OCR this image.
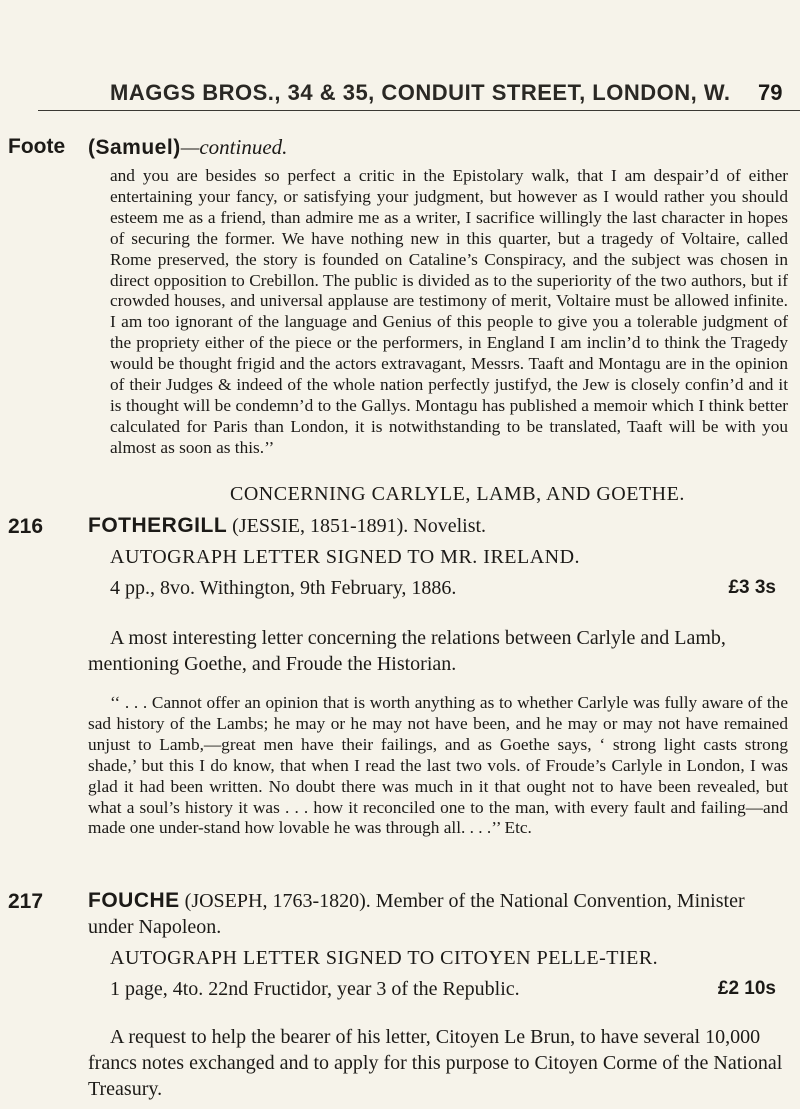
MAGGS BROS., 34 & 35, CONDUIT STREET, LONDON, W. 79
Foote (Samuel)—continued.
and you are besides so perfect a critic in the Epistolary walk, that I am despair’d of either entertaining your fancy, or satisfying your judgment, but however as I would rather you should esteem me as a friend, than admire me as a writer, I sacrifice willingly the last character in hopes of securing the former. We have nothing new in this quarter, but a tragedy of Voltaire, called Rome preserved, the story is founded on Cataline’s Conspiracy, and the subject was chosen in direct opposition to Crebillon. The public is divided as to the superiority of the two authors, but if crowded houses, and universal applause are testimony of merit, Voltaire must be allowed infinite. I am too ignorant of the language and Genius of this people to give you a tolerable judgment of the propriety either of the piece or the performers, in England I am inclin’d to think the Tragedy would be thought frigid and the actors extravagant, Messrs. Taaft and Montagu are in the opinion of their Judges & indeed of the whole nation perfectly justifyd, the Jew is closely confin’d and it is thought will be condemn’d to the Gallys. Montagu has published a memoir which I think better calculated for Paris than London, it is notwithstanding to be translated, Taaft will be with you almost as soon as this.’’
CONCERNING CARLYLE, LAMB, AND GOETHE.
216 FOTHERGILL (JESSIE, 1851-1891). Novelist.
AUTOGRAPH LETTER SIGNED TO MR. IRELAND.
4 pp., 8vo. Withington, 9th February, 1886.	£3 3s
A most interesting letter concerning the relations between Carlyle and Lamb, mentioning Goethe, and Froude the Historian.
‘‘ . . . Cannot offer an opinion that is worth anything as to whether Carlyle was fully aware of the sad history of the Lambs; he may or he may not have been, and he may or may not have remained unjust to Lamb,—great men have their failings, and as Goethe says, ‘ strong light casts strong shade,’ but this I do know, that when I read the last two vols. of Froude’s Carlyle in London, I was glad it had been written. No doubt there was much in it that ought not to have been revealed, but what a soul’s history it was . . . how it reconciled one to the man, with every fault and failing—and made one under-stand how lovable he was through all. . . .’’ Etc.
217 FOUCHE (JOSEPH, 1763-1820). Member of the National Convention, Minister under Napoleon.
AUTOGRAPH LETTER SIGNED TO CITOYEN PELLE-TIER.
1 page, 4to. 22nd Fructidor, year 3 of the Republic.	£2 10s
A request to help the bearer of his letter, Citoyen Le Brun, to have several 10,000 francs notes exchanged and to apply for this purpose to Citoyen Corme of the National Treasury.
